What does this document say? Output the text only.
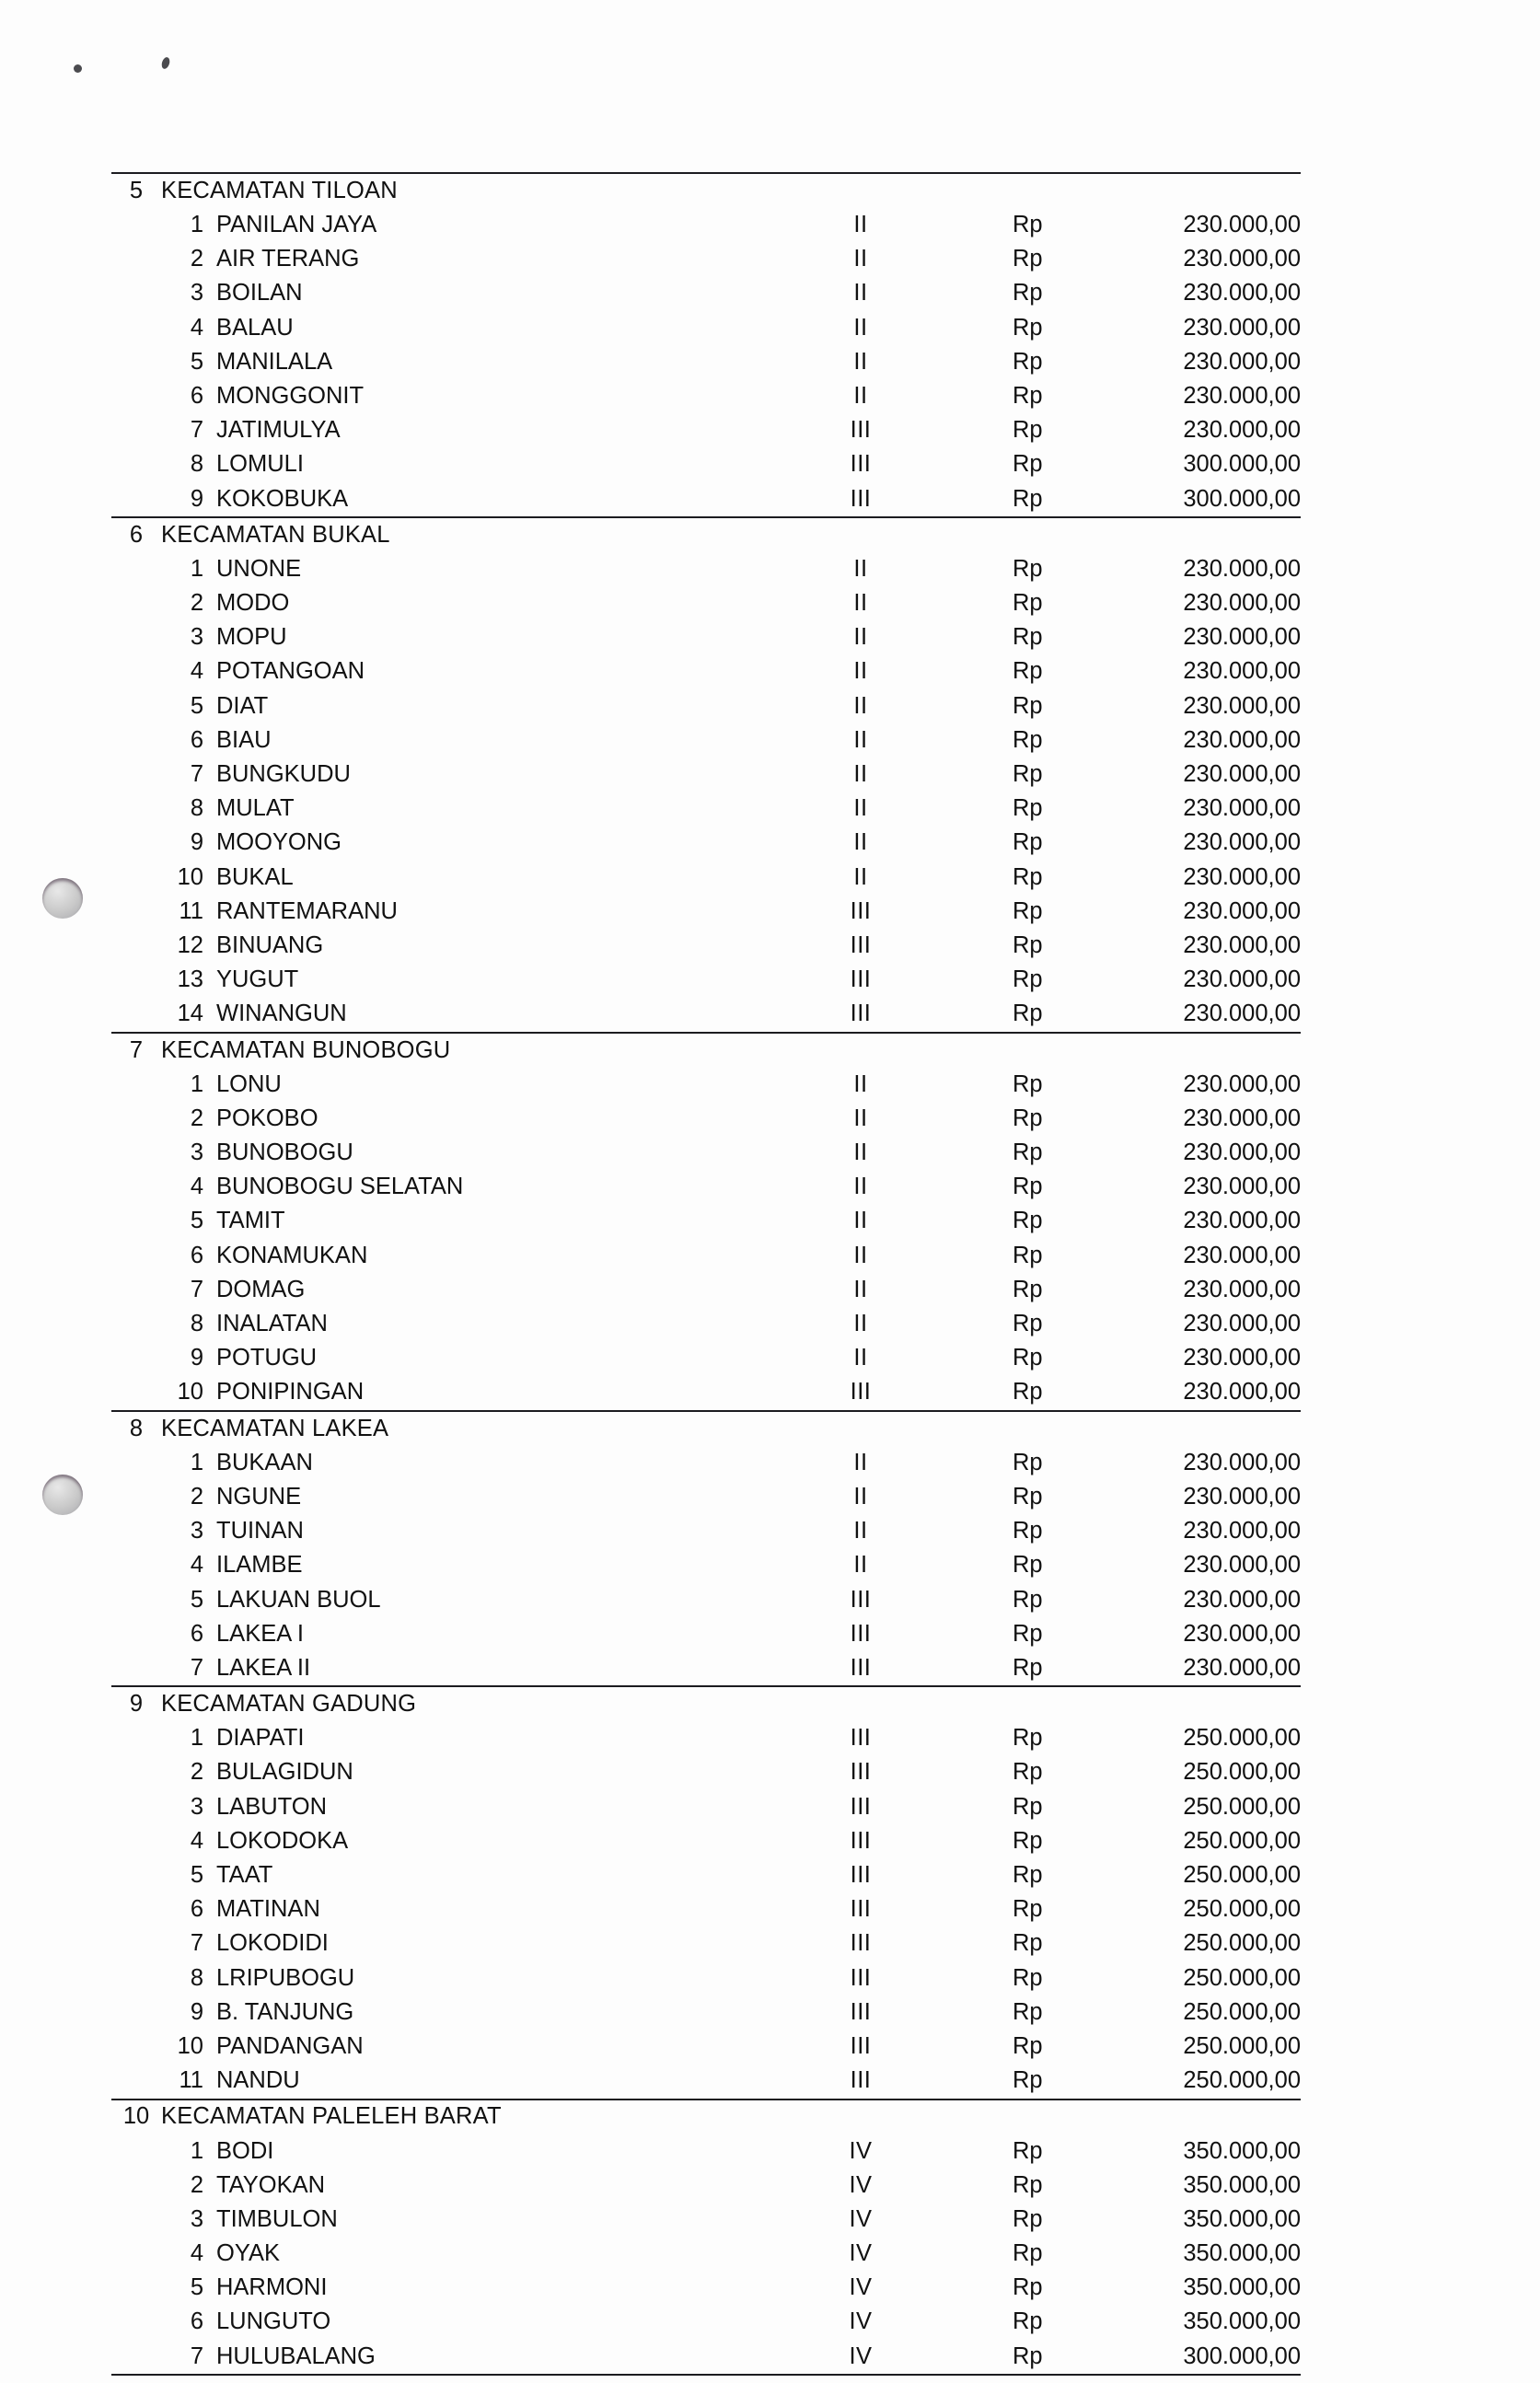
5	KECAMATAN TILOAN			
	1 PANILAN JAYA	II	Rp	230.000,00
	2 AIR TERANG	II	Rp	230.000,00
	3 BOILAN	II	Rp	230.000,00
	4 BALAU	II	Rp	230.000,00
	5 MANILALA	II	Rp	230.000,00
	6 MONGGONIT	II	Rp	230.000,00
	7 JATIMULYA	III	Rp	230.000,00
	8 LOMULI	III	Rp	300.000,00
	9 KOKOBUKA	III	Rp	300.000,00
6	KECAMATAN BUKAL			
	1 UNONE	II	Rp	230.000,00
	2 MODO	II	Rp	230.000,00
	3 MOPU	II	Rp	230.000,00
	4 POTANGOAN	II	Rp	230.000,00
	5 DIAT	II	Rp	230.000,00
	6 BIAU	II	Rp	230.000,00
	7 BUNGKUDU	II	Rp	230.000,00
	8 MULAT	II	Rp	230.000,00
	9 MOOYONG	II	Rp	230.000,00
	10 BUKAL	II	Rp	230.000,00
	11 RANTEMARANU	III	Rp	230.000,00
	12 BINUANG	III	Rp	230.000,00
	13 YUGUT	III	Rp	230.000,00
	14 WINANGUN	III	Rp	230.000,00
7	KECAMATAN BUNOBOGU			
	1 LONU	II	Rp	230.000,00
	2 POKOBO	II	Rp	230.000,00
	3 BUNOBOGU	II	Rp	230.000,00
	4 BUNOBOGU SELATAN	II	Rp	230.000,00
	5 TAMIT	II	Rp	230.000,00
	6 KONAMUKAN	II	Rp	230.000,00
	7 DOMAG	II	Rp	230.000,00
	8 INALATAN	II	Rp	230.000,00
	9 POTUGU	II	Rp	230.000,00
	10 PONIPINGAN	III	Rp	230.000,00
8	KECAMATAN LAKEA			
	1 BUKAAN	II	Rp	230.000,00
	2 NGUNE	II	Rp	230.000,00
	3 TUINAN	II	Rp	230.000,00
	4 ILAMBE	II	Rp	230.000,00
	5 LAKUAN BUOL	III	Rp	230.000,00
	6 LAKEA I	III	Rp	230.000,00
	7 LAKEA II	III	Rp	230.000,00
9	KECAMATAN GADUNG			
	1 DIAPATI	III	Rp	250.000,00
	2 BULAGIDUN	III	Rp	250.000,00
	3 LABUTON	III	Rp	250.000,00
	4 LOKODOKA	III	Rp	250.000,00
	5 TAAT	III	Rp	250.000,00
	6 MATINAN	III	Rp	250.000,00
	7 LOKODIDI	III	Rp	250.000,00
	8 LRIPUBOGU	III	Rp	250.000,00
	9 B. TANJUNG	III	Rp	250.000,00
	10 PANDANGAN	III	Rp	250.000,00
	11 NANDU	III	Rp	250.000,00
10	KECAMATAN PALELEH BARAT			
	1 BODI	IV	Rp	350.000,00
	2 TAYOKAN	IV	Rp	350.000,00
	3 TIMBULON	IV	Rp	350.000,00
	4 OYAK	IV	Rp	350.000,00
	5 HARMONI	IV	Rp	350.000,00
	6 LUNGUTO	IV	Rp	350.000,00
	7 HULUBALANG	IV	Rp	300.000,00
